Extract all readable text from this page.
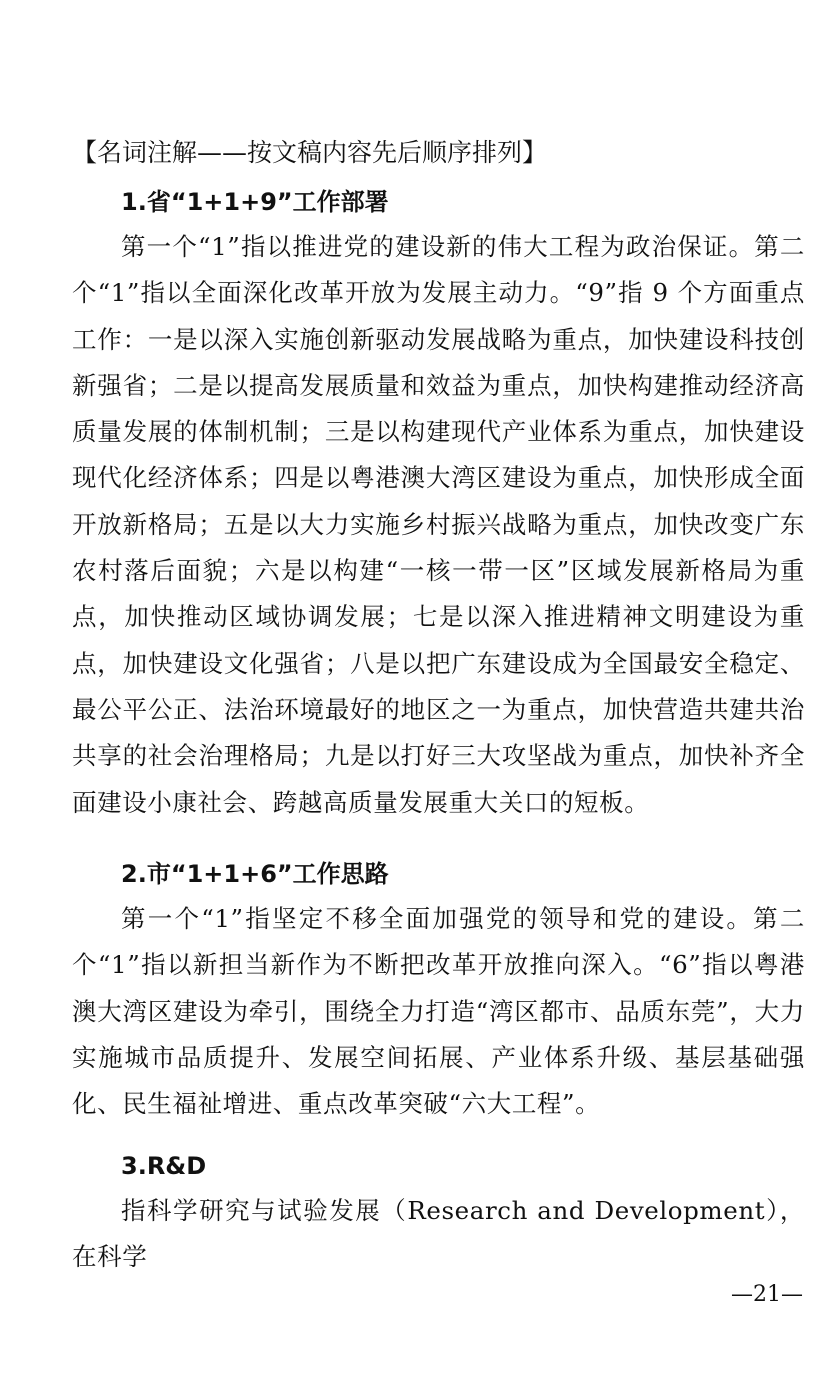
【名词注解——按文稿内容先后顺序排列】
1.省“1+1+9”工作部署
第一个“1”指以推进党的建设新的伟大工程为政治保证。第二个“1”指以全面深化改革开放为发展主动力。“9”指 9 个方面重点工作：一是以深入实施创新驱动发展战略为重点，加快建设科技创新强省；二是以提高发展质量和效益为重点，加快构建推动经济高质量发展的体制机制；三是以构建现代产业体系为重点，加快建设现代化经济体系；四是以粤港澳大湾区建设为重点，加快形成全面开放新格局；五是以大力实施乡村振兴战略为重点，加快改变广东农村落后面貌；六是以构建“一核一带一区”区域发展新格局为重点，加快推动区域协调发展；七是以深入推进精神文明建设为重点，加快建设文化强省；八是以把广东建设成为全国最安全稳定、最公平公正、法治环境最好的地区之一为重点，加快营造共建共治共享的社会治理格局；九是以打好三大攻坚战为重点，加快补齐全面建设小康社会、跨越高质量发展重大关口的短板。
2.市“1+1+6”工作思路
第一个“1”指坚定不移全面加强党的领导和党的建设。第二个“1”指以新担当新作为不断把改革开放推向深入。“6”指以粤港澳大湾区建设为牵引，围绕全力打造“湾区都市、品质东莞”，大力实施城市品质提升、发展空间拓展、产业体系升级、基层基础强化、民生福祉增进、重点改革突破“六大工程”。
3.R&D
指科学研究与试验发展（Research and Development），在科学
—21—
